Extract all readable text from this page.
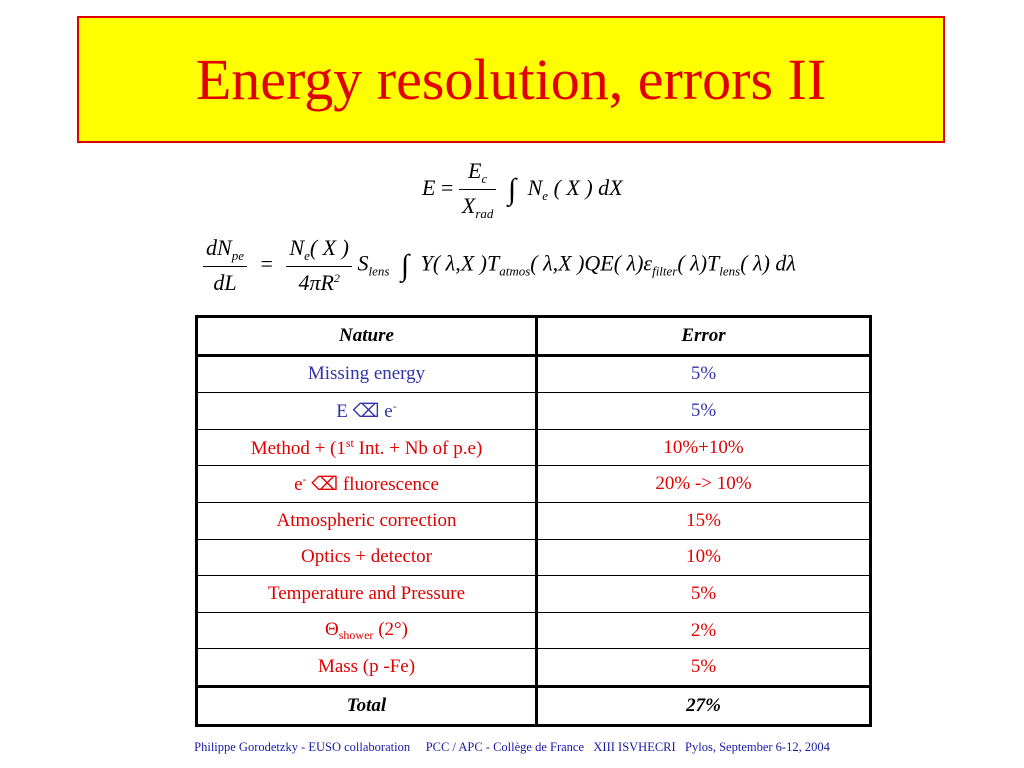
Energy resolution, errors II
$E = \frac{E_c}{X_{rad}}$ ∫ $N_e$ ( X ) dX
$\frac{dN_{pe}}{dL} = \frac{N_e( X )}{4\pi R^2} S_{lens}$ ∫ Y( λ,X )$T_{atmos}$( λ,X )QE( $\lambda)\varepsilon_{filter}$( $\lambda)T_{lens}$( λ) dλ
Nature	Error
Missing energy	5%
E ⌫ e-	5%
Method + (1st Int. + Nb of p.e)	10%+10%
e- ⌫ fluorescence	20% -> 10%
Atmospheric correction	15%
Optics + detector	10%
Temperature and Pressure	5%
$\Theta_{shower}$ (2°)	2%
Mass (p -Fe)	5%
Total	27%
Philippe Gorodetzky - EUSO collaboration     PCC / APC - Collège de France   XIII ISVHECRI   Pylos, September 6-12, 2004
